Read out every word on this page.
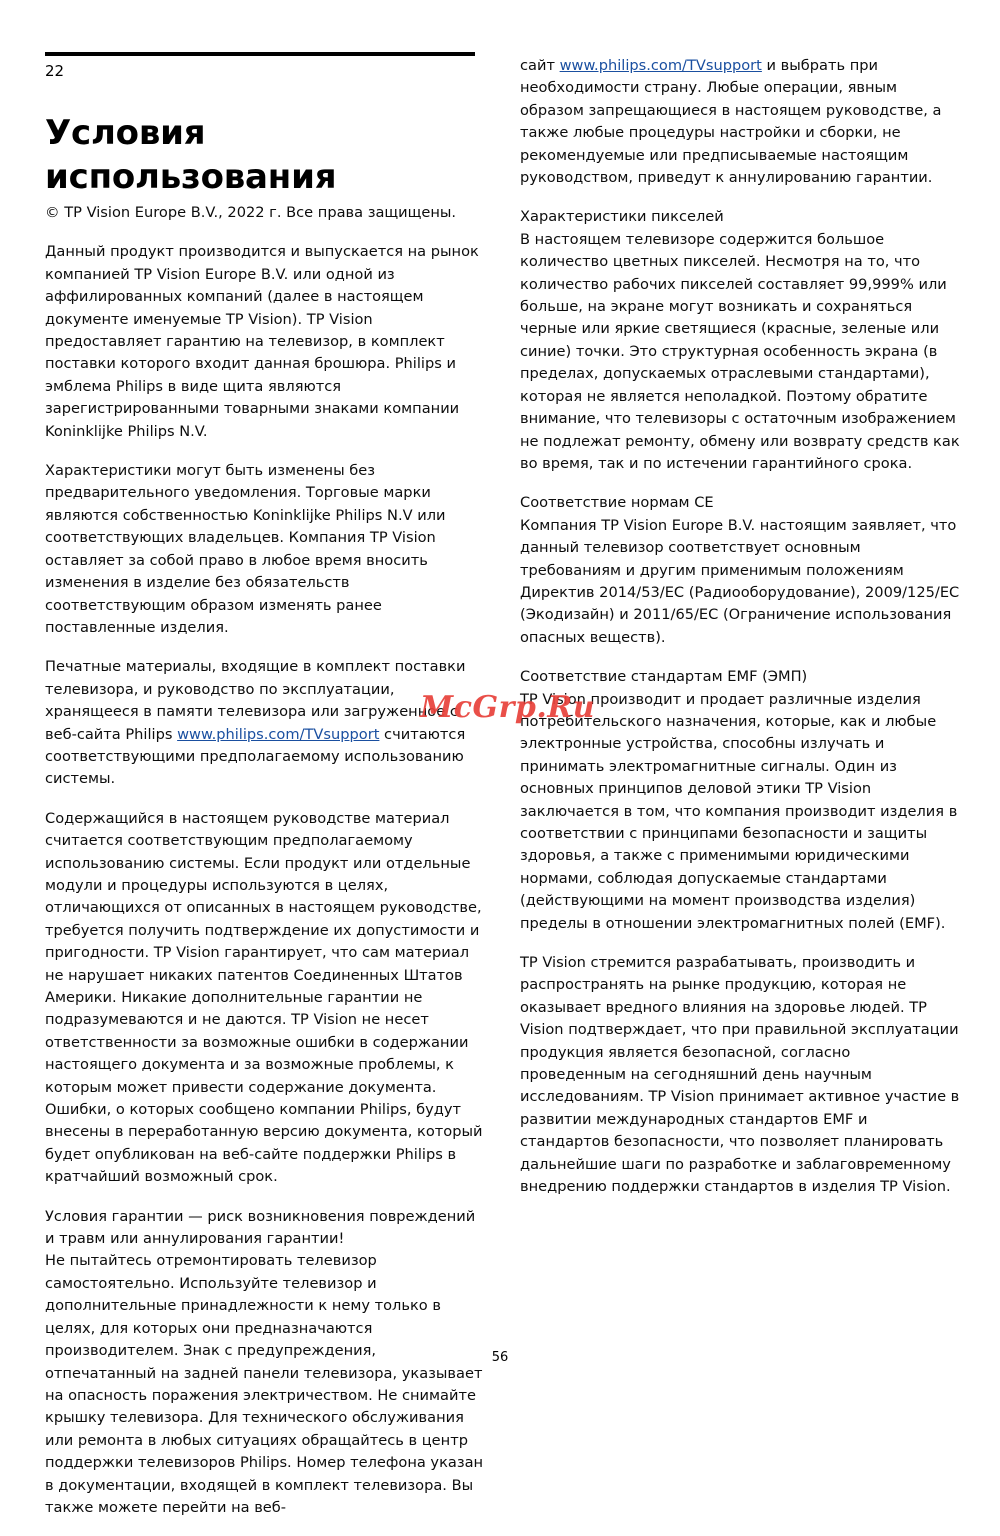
22
Условия использования

© TP Vision Europe B.V., 2022 г. Все права защищены.

Данный продукт производится и выпускается на рынок компанией TP Vision Europe B.V. или одной из аффилированных компаний (далее в настоящем документе именуемые TP Vision). TP Vision предоставляет гарантию на телевизор, в комплект поставки которого входит данная брошюра. Philips и эмблема Philips в виде щита являются зарегистрированными товарными знаками компании Koninklijke Philips N.V.

Характеристики могут быть изменены без предварительного уведомления. Торговые марки являются собственностью Koninklijke Philips N.V или соответствующих владельцев. Компания TP Vision оставляет за собой право в любое время вносить изменения в изделие без обязательств соответствующим образом изменять ранее поставленные изделия.

Печатные материалы, входящие в комплект поставки телевизора, и руководство по эксплуатации, хранящееся в памяти телевизора или загруженное с веб-сайта Philips www.philips.com/TVsupport считаются соответствующими предполагаемому использованию системы.

Содержащийся в настоящем руководстве материал считается соответствующим предполагаемому использованию системы. Если продукт или отдельные модули и процедуры используются в целях, отличающихся от описанных в настоящем руководстве, требуется получить подтверждение их допустимости и пригодности. TP Vision гарантирует, что сам материал не нарушает никаких патентов Соединенных Штатов Америки. Никакие дополнительные гарантии не подразумеваются и не даются. TP Vision не несет ответственности за возможные ошибки в содержании настоящего документа и за возможные проблемы, к которым может привести содержание документа. Ошибки, о которых сообщено компании Philips, будут внесены в переработанную версию документа, который будет опубликован на веб-сайте поддержки Philips в кратчайший возможный срок.

Условия гарантии — риск возникновения повреждений и травм или аннулирования гарантии!

Не пытайтесь отремонтировать телевизор самостоятельно. Используйте телевизор и дополнительные принадлежности к нему только в целях, для которых они предназначаются производителем. Знак с предупреждения, отпечатанный на задней панели телевизора, указывает на опасность поражения электричеством. Не снимайте крышку телевизора. Для технического обслуживания или ремонта в любых ситуациях обращайтесь в центр поддержки телевизоров Philips. Номер телефона указан в документации, входящей в комплект телевизора. Вы также можете перейти на веб-

сайт www.philips.com/TVsupport и выбрать при необходимости страну. Любые операции, явным образом запрещающиеся в настоящем руководстве, а также любые процедуры настройки и сборки, не рекомендуемые или предписываемые настоящим руководством, приведут к аннулированию гарантии.

Характеристики пикселей

В настоящем телевизоре содержится большое количество цветных пикселей. Несмотря на то, что количество рабочих пикселей составляет 99,999% или больше, на экране могут возникать и сохраняться черные или яркие светящиеся (красные, зеленые или синие) точки. Это структурная особенность экрана (в пределах, допускаемых отраслевыми стандартами), которая не является неполадкой. Поэтому обратите внимание, что телевизоры с остаточным изображением не подлежат ремонту, обмену или возврату средств как во время, так и по истечении гарантийного срока.

Соответствие нормам CE

Компания TP Vision Europe B.V. настоящим заявляет, что данный телевизор соответствует основным требованиям и другим применимым положениям Директив 2014/53/EC (Радиооборудование), 2009/125/EC (Экодизайн) и 2011/65/EC (Ограничение использования опасных веществ).

Соответствие стандартам EMF (ЭМП)

TP Vision производит и продает различные изделия потребительского назначения, которые, как и любые электронные устройства, способны излучать и принимать электромагнитные сигналы. Один из основных принципов деловой этики TP Vision заключается в том, что компания производит изделия в соответствии с принципами безопасности и защиты здоровья, а также с применимыми юридическими нормами, соблюдая допускаемые стандартами (действующими на момент производства изделия) пределы в отношении электромагнитных полей (EMF).

TP Vision стремится разрабатывать, производить и распространять на рынке продукцию, которая не оказывает вредного влияния на здоровье людей. TP Vision подтверждает, что при правильной эксплуатации продукция является безопасной, согласно проведенным на сегодняшний день научным исследованиям. TP Vision принимает активное участие в развитии международных стандартов EMF и стандартов безопасности, что позволяет планировать дальнейшие шаги по разработке и заблаговременному внедрению поддержки стандартов в изделия TP Vision.

McGrp.Ru
56
